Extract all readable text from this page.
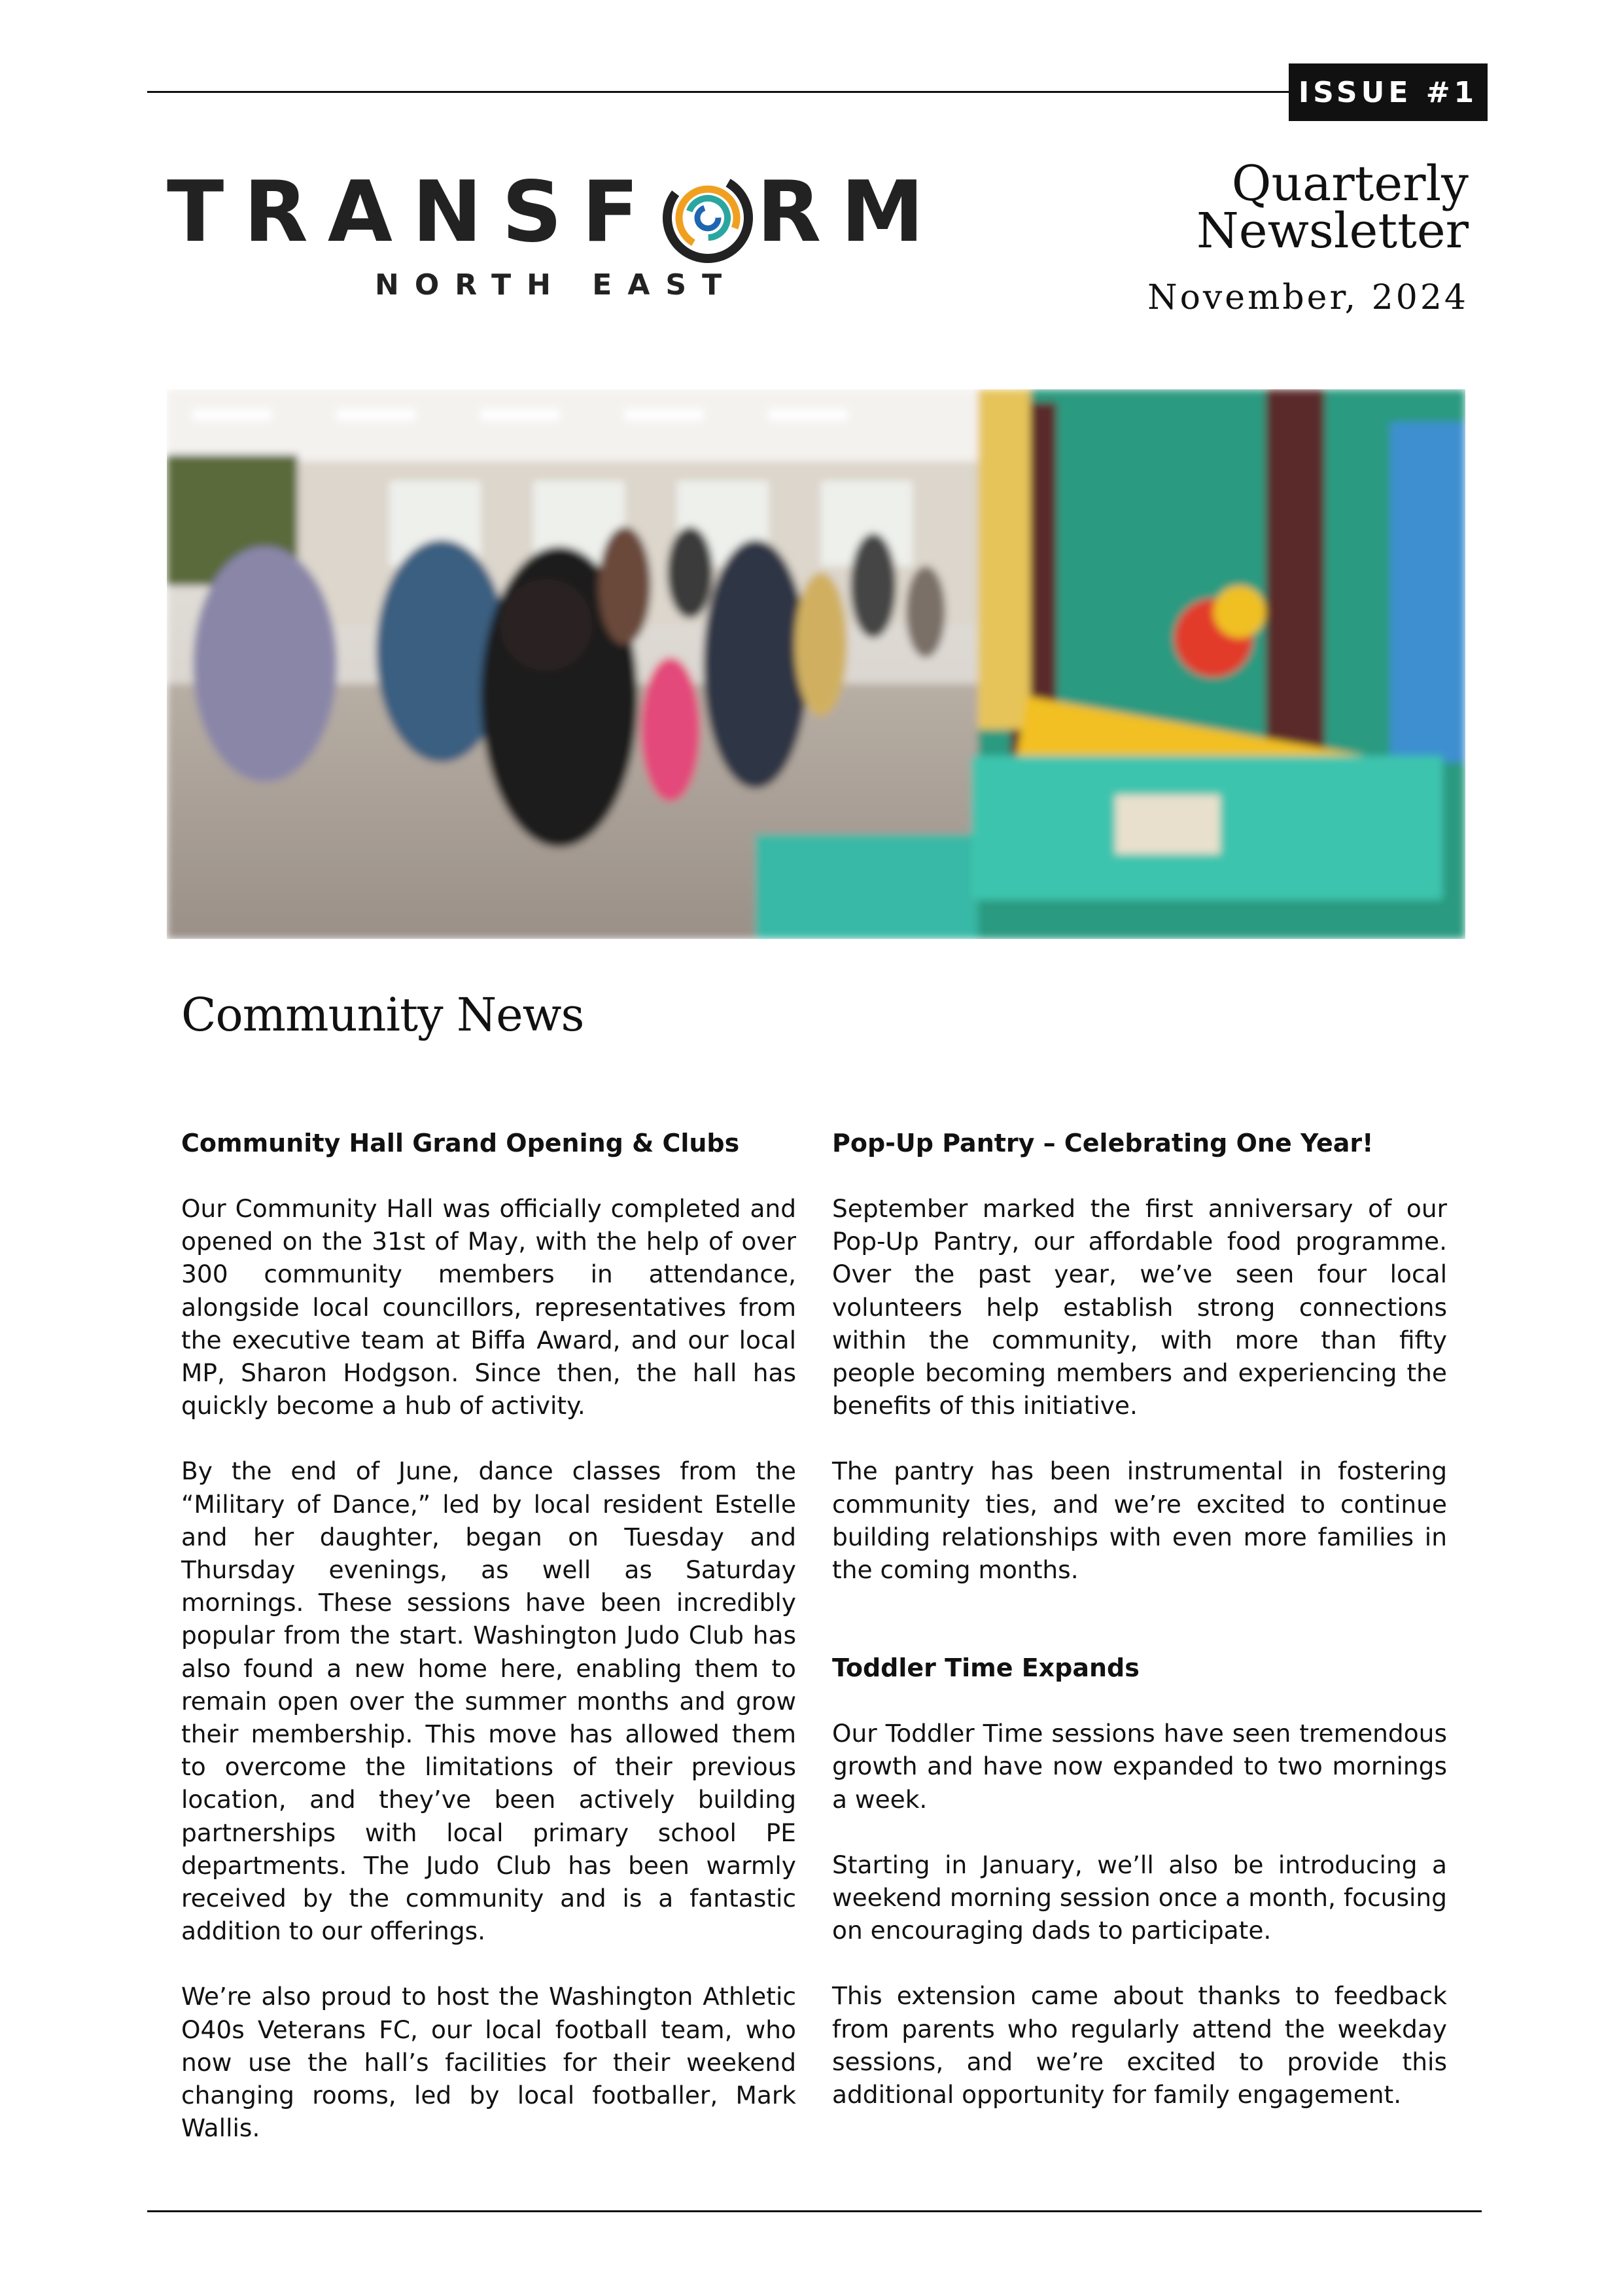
ISSUE #1
TRANSF RM
NORTH EAST
Quarterly
Newsletter
November, 2024
Community News
Community Hall Grand Opening & Clubs

Our Community Hall was officially completed and opened on the 31st of May, with the help of over 300 community members in attendance, alongside local councillors, representatives from the executive team at Biffa Award, and our local MP, Sharon Hodgson. Since then, the hall has quickly become a hub of activity.

By the end of June, dance classes from the “Military of Dance,” led by local resident Estelle and her daughter, began on Tuesday and Thursday evenings, as well as Saturday mornings. These sessions have been incredibly popular from the start. Washington Judo Club has also found a new home here, enabling them to remain open over the summer months and grow their membership. This move has allowed them to overcome the limitations of their previous location, and they’ve been actively building partnerships with local primary school PE departments. The Judo Club has been warmly received by the community and is a fantastic addition to our offerings.

We’re also proud to host the Washington Athletic O40s Veterans FC, our local football team, who now use the hall’s facilities for their weekend changing rooms, led by local footballer, Mark Wallis.

Pop-Up Pantry – Celebrating One Year!

September marked the first anniversary of our Pop-Up Pantry, our affordable food programme. Over the past year, we’ve seen four local volunteers help establish strong connections within the community, with more than fifty people becoming members and experiencing the benefits of this initiative.

The pantry has been instrumental in fostering community ties, and we’re excited to continue building relationships with even more families in the coming months.

Toddler Time Expands

Our Toddler Time sessions have seen tremendous growth and have now expanded to two mornings a week.

Starting in January, we’ll also be introducing a weekend morning session once a month, focusing on encouraging dads to participate.

This extension came about thanks to feedback from parents who regularly attend the weekday sessions, and we’re excited to provide this additional opportunity for family engagement.
